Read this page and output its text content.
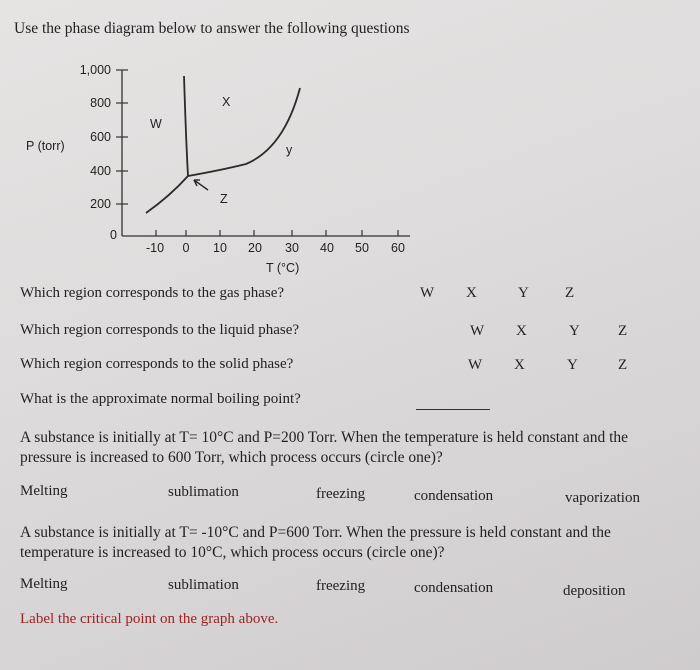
Use the phase diagram below to answer the following questions
1,000
800
600
400
200
0
-10 0 10 20 30 40 50 60
P (torr)
T (°C)
W
X
y
Z
Which region corresponds to the gas phase?	W X	Y Z
Which region corresponds to the liquid phase?	W X	Y	Z
Which region corresponds to the solid phase?	W X	Y	Z
What is the approximate normal boiling point?
A substance is initially at T= 10°C and P=200 Torr. When the temperature is held constant and the pressure is increased to 600 Torr, which process occurs (circle one)?
Melting	sublimation	freezing	condensation	vaporization
A substance is initially at T= -10°C and P=600 Torr. When the pressure is held constant and the temperature is increased to 10°C, which process occurs (circle one)?
Melting	sublimation	freezing	condensation	deposition
Label the critical point on the graph above.
